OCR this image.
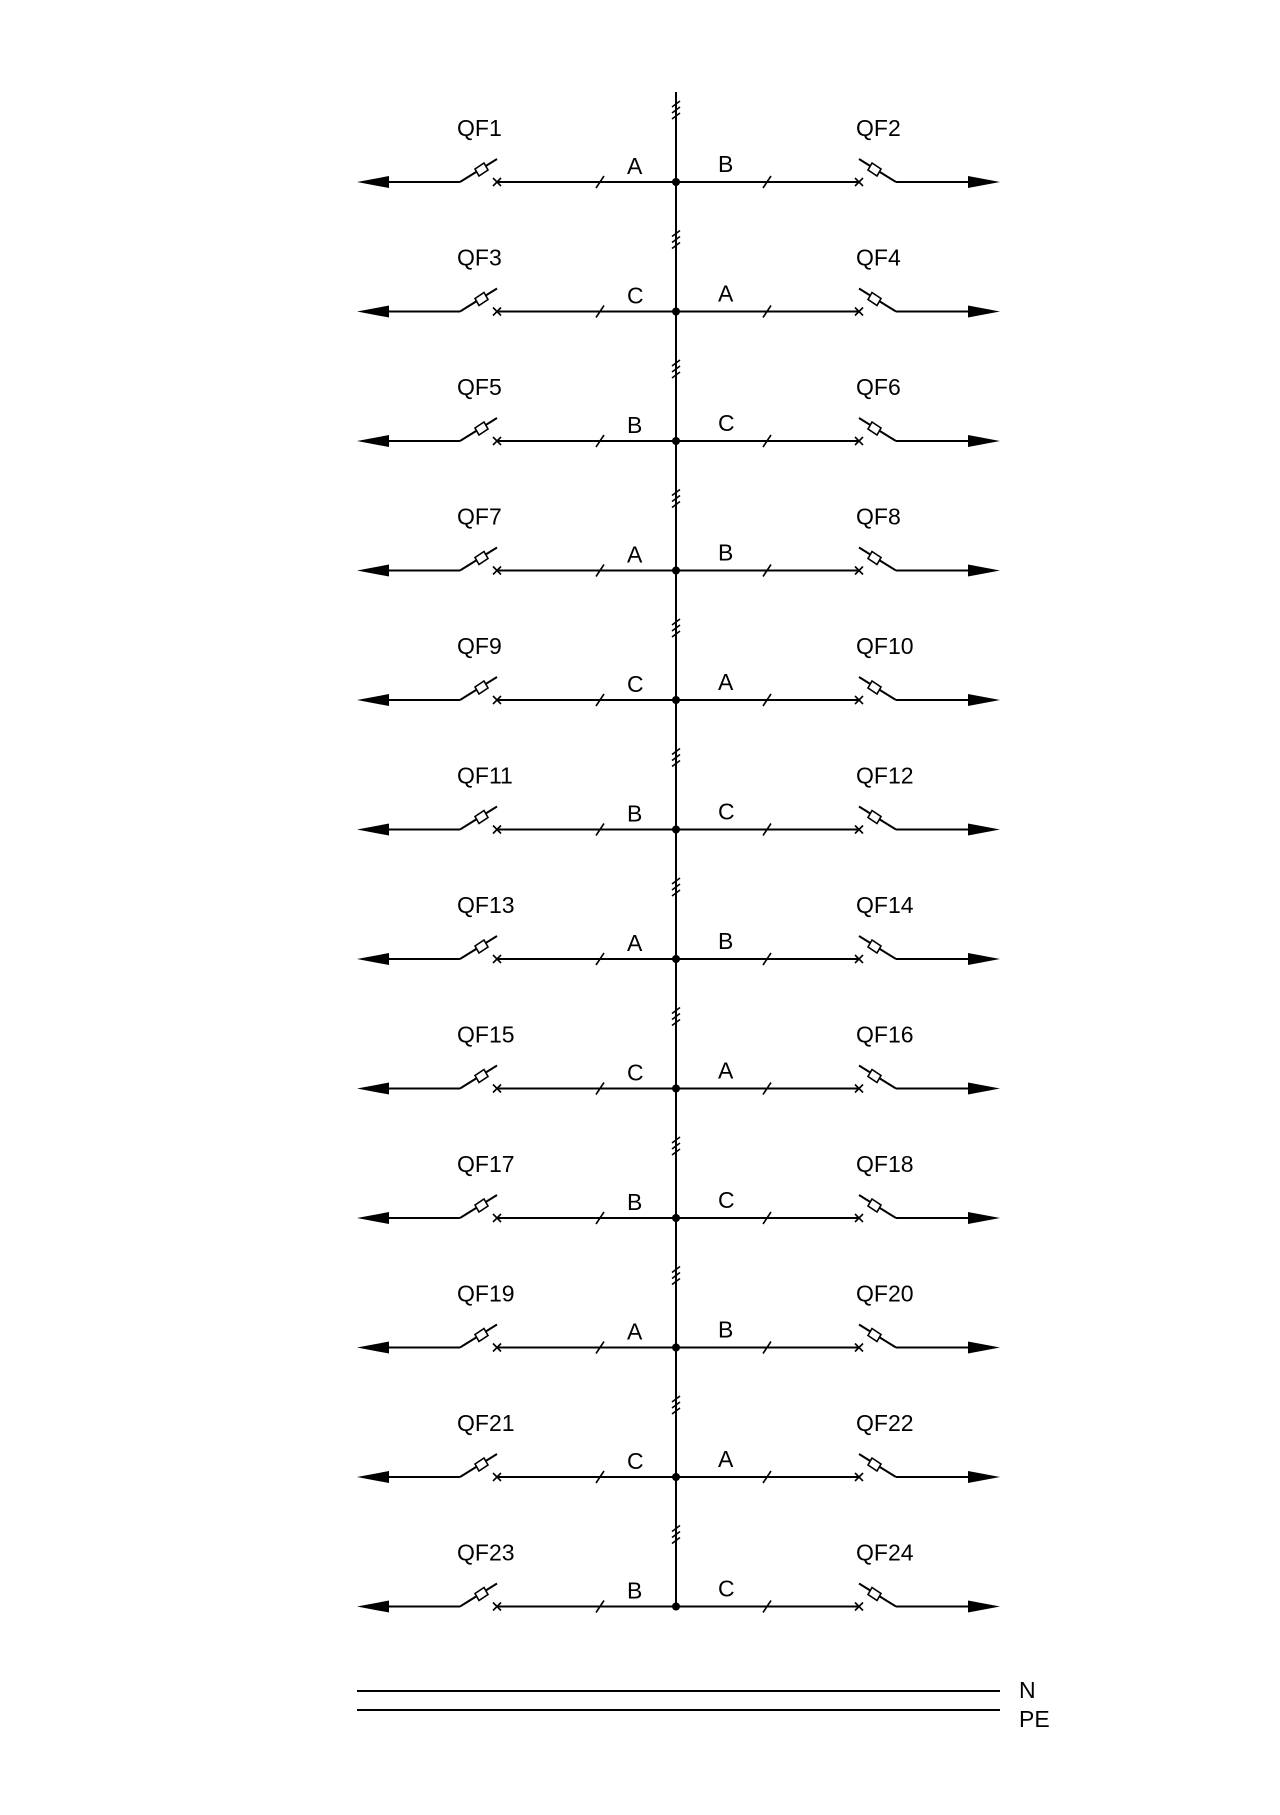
QF1
A
QF2
B
QF3
C
QF4
A
QF5
B
QF6
C
QF7
A
QF8
B
QF9
C
QF10
A
QF11
B
QF12
C
QF13
A
QF14
B
QF15
C
QF16
A
QF17
B
QF18
C
QF19
A
QF20
B
QF21
C
QF22
A
QF23
B
QF24
C
N
PE
